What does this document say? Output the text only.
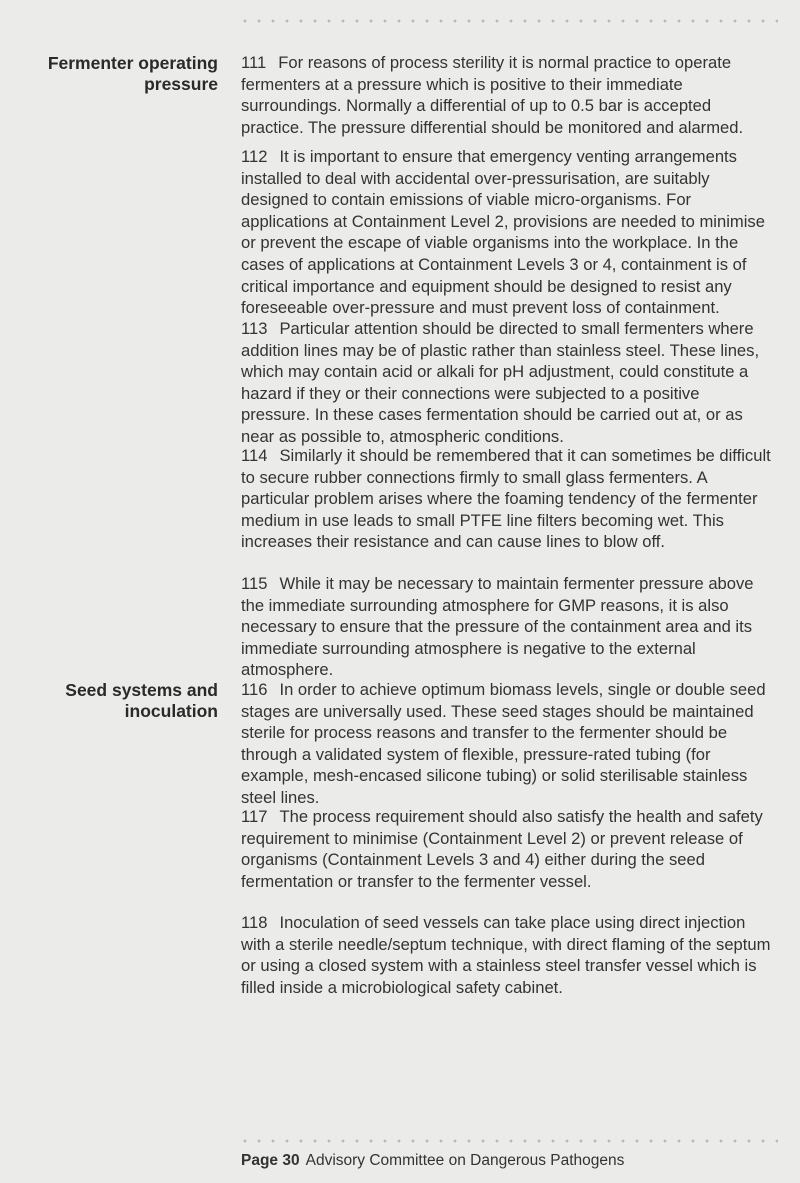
Fermenter operating
pressure
111 For reasons of process sterility it is normal practice to operate fermenters at a pressure which is positive to their immediate surroundings. Normally a differential of up to 0.5 bar is accepted practice. The pressure differential should be monitored and alarmed.
112 It is important to ensure that emergency venting arrangements installed to deal with accidental over-pressurisation, are suitably designed to contain emissions of viable micro-organisms. For applications at Containment Level 2, provisions are needed to minimise or prevent the escape of viable organisms into the workplace. In the cases of applications at Containment Levels 3 or 4, containment is of critical importance and equipment should be designed to resist any foreseeable over-pressure and must prevent loss of containment.
113 Particular attention should be directed to small fermenters where addition lines may be of plastic rather than stainless steel. These lines, which may contain acid or alkali for pH adjustment, could constitute a hazard if they or their connections were subjected to a positive pressure. In these cases fermentation should be carried out at, or as near as possible to, atmospheric conditions.
114 Similarly it should be remembered that it can sometimes be difficult to secure rubber connections firmly to small glass fermenters. A particular problem arises where the foaming tendency of the fermenter medium in use leads to small PTFE line filters becoming wet. This increases their resistance and can cause lines to blow off.
115 While it may be necessary to maintain fermenter pressure above the immediate surrounding atmosphere for GMP reasons, it is also necessary to ensure that the pressure of the containment area and its immediate surrounding atmosphere is negative to the external atmosphere.
Seed systems and
inoculation
116 In order to achieve optimum biomass levels, single or double seed stages are universally used. These seed stages should be maintained sterile for process reasons and transfer to the fermenter should be through a validated system of flexible, pressure-rated tubing (for example, mesh-encased silicone tubing) or solid sterilisable stainless steel lines.
117 The process requirement should also satisfy the health and safety requirement to minimise (Containment Level 2) or prevent release of organisms (Containment Levels 3 and 4) either during the seed fermentation or transfer to the fermenter vessel.
118 Inoculation of seed vessels can take place using direct injection with a sterile needle/septum technique, with direct flaming of the septum or using a closed system with a stainless steel transfer vessel which is filled inside a microbiological safety cabinet.
Page 30 Advisory Committee on Dangerous Pathogens
